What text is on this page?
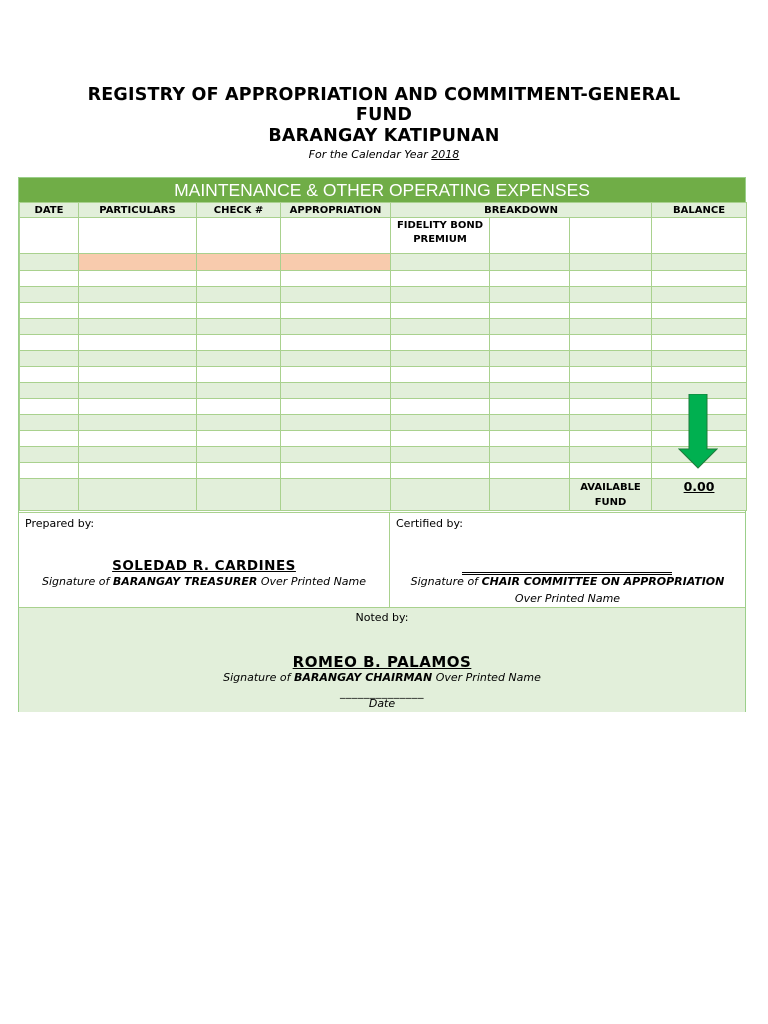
REGISTRY OF APPROPRIATION AND COMMITMENT-GENERAL
FUND
BARANGAY KATIPUNAN
For the Calendar Year 2018
MAINTENANCE & OTHER OPERATING EXPENSES
DATE	PARTICULARS	CHECK #	APPROPRIATION	BREAKDOWN			BALANCE
				FIDELITY BOND PREMIUM			

						AVAILABLE FUND	0.00
Prepared by:
SOLEDAD R. CARDINES
Signature of BARANGAY TREASURER Over Printed Name
Certified by:
Signature of CHAIR COMMITTEE ON APPROPRIATION
Over Printed Name
Noted by:
ROMEO B. PALAMOS
Signature of BARANGAY CHAIRMAN Over Printed Name
______________
Date
